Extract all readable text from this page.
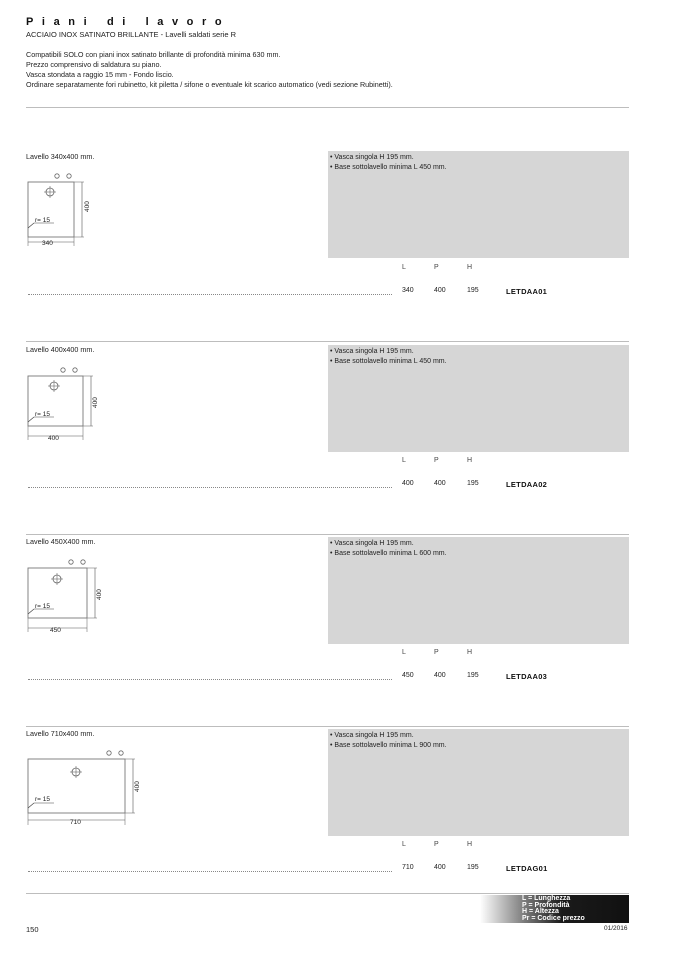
Piani di lavoro
ACCIAIO INOX SATINATO BRILLANTE - Lavelli saldati serie R
Compatibili SOLO con piani inox satinato brillante di profondità minima 630 mm.
Prezzo comprensivo di saldatura su piano.
Vasca stondata a raggio 15 mm - Fondo liscio.
Ordinare separatamente fori rubinetto, kit piletta / sifone o eventuale kit scarico automatico (vedi sezione Rubinetti).
Lavello 340x400 mm.
r= 15
340
400
• Vasca singola H 195 mm.
• Base sottolavello minima L 450 mm.
L	P	H
340	400	195	LETDAA01
Lavello 400x400 mm.
r= 15
400
400
• Vasca singola H 195 mm.
• Base sottolavello minima L 450 mm.
L	P	H
400	400	195	LETDAA02
Lavello 450X400 mm.
r= 15
450
400
• Vasca singola H 195 mm.
• Base sottolavello minima L 600 mm.
L	P	H
450	400	195	LETDAA03
Lavello 710x400 mm.
r= 15
710
400
• Vasca singola H 195 mm.
• Base sottolavello minima L 900 mm.
L	P	H
710	400	195	LETDAG01
L = Lunghezza
P = Profondità
H = Altezza
Pr = Codice prezzo
150	01/2016
